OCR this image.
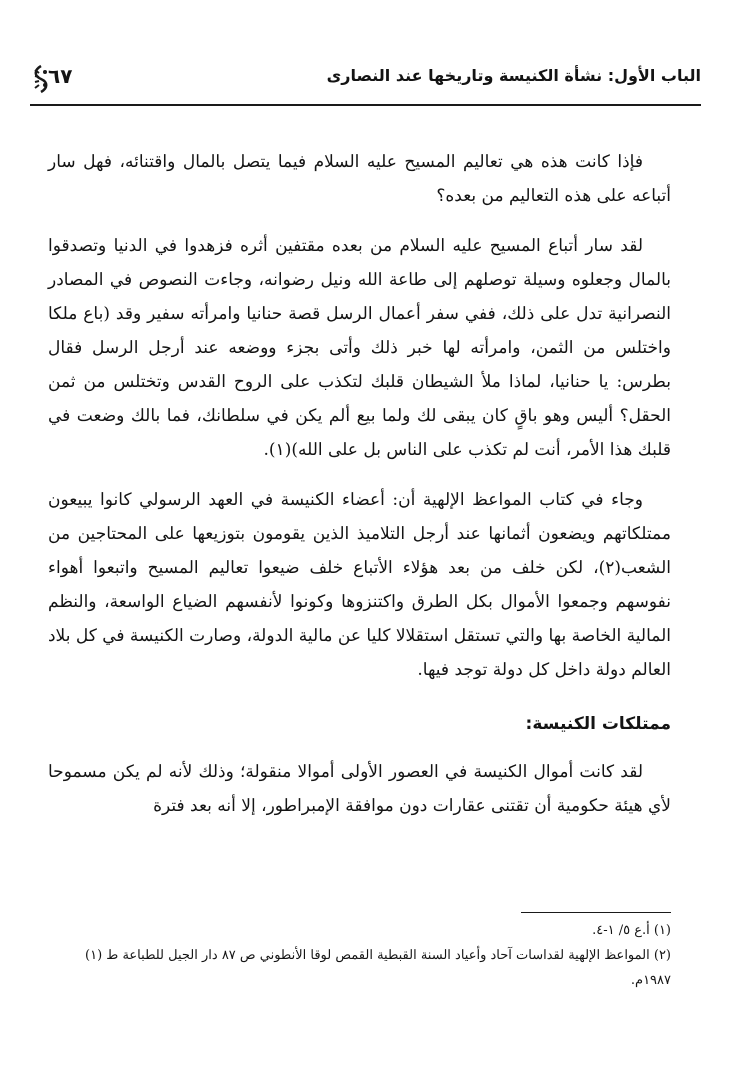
الباب الأول: نشأة الكنيسة وتاريخها عند النصارى
٦٧

فإذا كانت هذه هي تعاليم المسيح عليه السلام فيما يتصل بالمال واقتنائه، فهل سار أتباعه على هذه التعاليم من بعده؟

لقد سار أتباع المسيح عليه السلام من بعده مقتفين أثره فزهدوا في الدنيا وتصدقوا بالمال وجعلوه وسيلة توصلهم إلى طاعة الله ونيل رضوانه، وجاءت النصوص في المصادر النصرانية تدل على ذلك، ففي سفر أعمال الرسل قصة حنانيا وامرأته سفير وقد (باع ملكا واختلس من الثمن، وامرأته لها خبر ذلك وأتى بجزء ووضعه عند أرجل الرسل فقال بطرس: يا حنانيا، لماذا ملأ الشيطان قلبك لتكذب على الروح القدس وتختلس من ثمن الحقل؟ أليس وهو باقٍ كان يبقى لك ولما بيع ألم يكن في سلطانك، فما بالك وضعت في قلبك هذا الأمر، أنت لم تكذب على الناس بل على الله)(١).

وجاء في كتاب المواعظ الإلهية أن: أعضاء الكنيسة في العهد الرسولي كانوا يبيعون ممتلكاتهم ويضعون أثمانها عند أرجل التلاميذ الذين يقومون بتوزيعها على المحتاجين من الشعب(٢)، لكن خلف من بعد هؤلاء الأتباع خلف ضيعوا تعاليم المسيح واتبعوا أهواء نفوسهم وجمعوا الأموال بكل الطرق واكتنزوها وكونوا لأنفسهم الضياع الواسعة، والنظم المالية الخاصة بها والتي تستقل استقلالا كليا عن مالية الدولة، وصارت الكنيسة في كل بلاد العالم دولة داخل كل دولة توجد فيها.

ممتلكات الكنيسة:

لقد كانت أموال الكنيسة في العصور الأولى أموالا منقولة؛ وذلك لأنه لم يكن مسموحا لأي هيئة حكومية أن تقتنى عقارات دون موافقة الإمبراطور، إلا أنه بعد فترة

(١) أ.ع ٥/ ١-٤.

(٢) المواعظ الإلهية لقداسات آحاد وأعياد السنة القبطية القمص لوقا الأنطوني ص ٨٧ دار الجيل للطباعة ط (١) ١٩٨٧م.
